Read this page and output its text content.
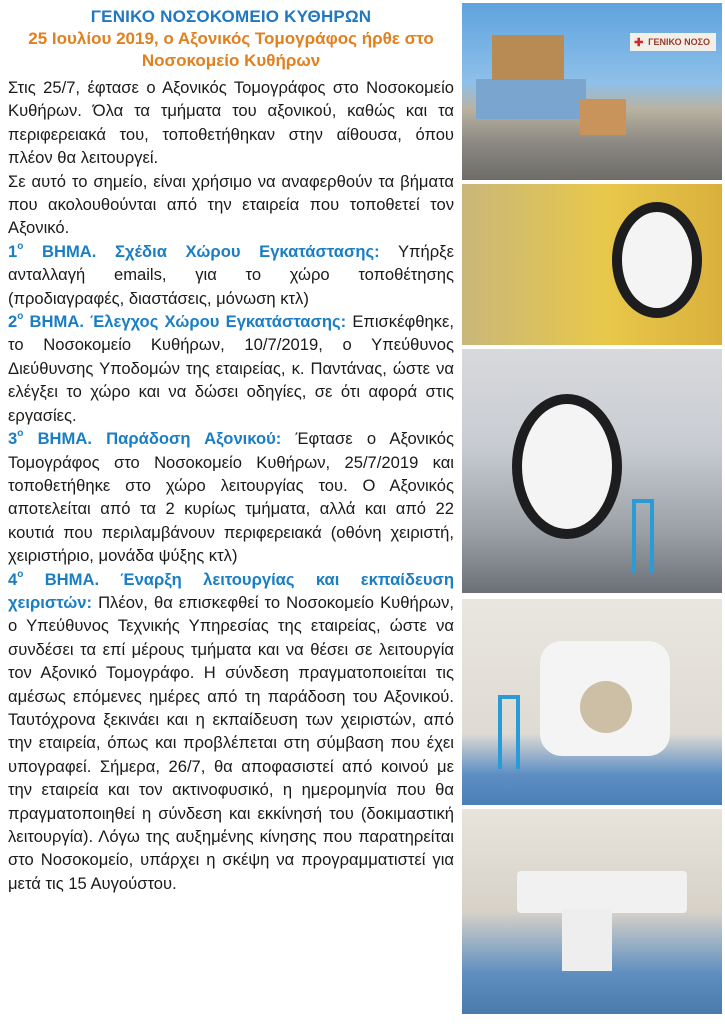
ΓΕΝΙΚΟ ΝΟΣΟΚΟΜΕΙΟ ΚΥΘΗΡΩΝ
25 Ιουλίου 2019, ο Αξονικός Τομογράφος ήρθε στο
Νοσοκομείο Κυθήρων

Στις 25/7, έφτασε ο Αξονικός Τομογράφος στο Νοσοκομείο Κυθήρων. Όλα τα τμήματα του αξονικού, καθώς και τα περιφερειακά του, τοποθετήθηκαν στην αίθουσα, όπου πλέον θα λειτουργεί.

Σε αυτό το σημείο, είναι χρήσιμο να αναφερθούν τα βήματα που ακολουθούνται από την εταιρεία που τοποθετεί τον Αξονικό.

$1^o$ ΒΗΜΑ. Σχέδια Χώρου Εγκατάστασης: Υπήρξε ανταλλαγή emails, για το χώρο τοποθέτησης (προδιαγραφές, διαστάσεις, μόνωση κτλ)

$2^o$ ΒΗΜΑ. Έλεγχος Χώρου Εγκατάστασης: Επισκέφθηκε, το Νοσοκομείο Κυθήρων, 10/7/2019, ο Υπεύθυνος Διεύθυνσης Υποδομών της εταιρείας, κ. Παντάνας, ώστε να ελέγξει το χώρο και να δώσει οδηγίες, σε ότι αφορά στις εργασίες.

$3^o$ ΒΗΜΑ. Παράδοση Αξονικού: Έφτασε ο Αξονικός Τομογράφος στο Νοσοκομείο Κυθήρων, 25/7/2019 και τοποθετήθηκε στο χώρο λειτουργίας του. Ο Αξονικός αποτελείται από τα 2 κυρίως τμήματα, αλλά και από 22 κουτιά που περιλαμβάνουν περιφερειακά (οθόνη χειριστή, χειριστήριο, μονάδα ψύξης κτλ)

$4^o$ ΒΗΜΑ. Έναρξη λειτουργίας και εκπαίδευση χειριστών: Πλέον, θα επισκεφθεί το Νοσοκομείο Κυθήρων, ο Υπεύθυνος Τεχνικής Υπηρεσίας της εταιρείας, ώστε να συνδέσει τα επί μέρους τμήματα και να θέσει σε λειτουργία τον Αξονικό Τομογράφο. Η σύνδεση πραγματοποιείται τις αμέσως επόμενες ημέρες από τη παράδοση του Αξονικού. Ταυτόχρονα ξεκινάει και η εκπαίδευση των χειριστών, από την εταιρεία, όπως και προβλέπεται στη σύμβαση που έχει υπογραφεί. Σήμερα, 26/7, θα αποφασιστεί από κοινού με την εταιρεία και τον ακτινοφυσικό, η ημερομηνία που θα πραγματοποιηθεί η σύνδεση και εκκίνησή του (δοκιμαστική λειτουργία). Λόγω της αυξημένης κίνησης που παρατηρείται στο Νοσοκομείο, υπάρχει η σκέψη να προγραμματιστεί για μετά τις 15 Αυγούστου.

✚ ΓΕΝΙΚΟ ΝΟΣΟ
